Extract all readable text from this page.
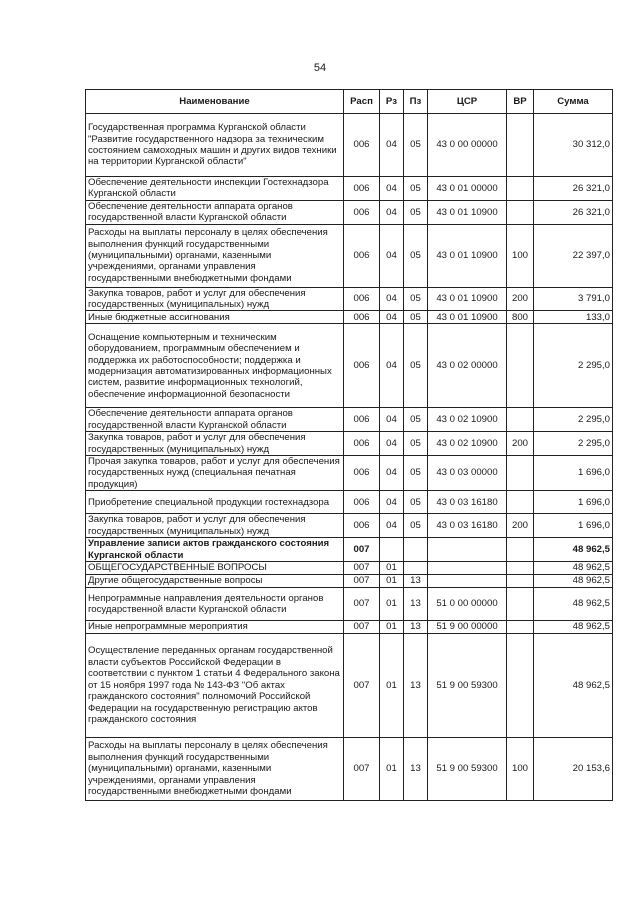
54
Наименование	Расп	Рз	Пз	ЦСР	ВР	Сумма
Государственная программа Курганской области "Развитие государственного надзора за техническим состоянием самоходных машин и других видов техники на территории Курганской области"	006	04	05	43 0 00 00000		30 312,0
Обеспечение деятельности инспекции Гостехнадзора Курганской области	006	04	05	43 0 01 00000		26 321,0
Обеспечение деятельности аппарата органов государственной власти Курганской области	006	04	05	43 0 01 10900		26 321,0
Расходы на выплаты персоналу в целях обеспечения выполнения функций государственными (муниципальными) органами, казенными учреждениями, органами управления государственными внебюджетными фондами	006	04	05	43 0 01 10900	100	22 397,0
Закупка товаров, работ и услуг для обеспечения государственных (муниципальных) нужд	006	04	05	43 0 01 10900	200	3 791,0
Иные бюджетные ассигнования	006	04	05	43 0 01 10900	800	133,0
Оснащение компьютерным и техническим оборудованием, программным обеспечением и поддержка их работоспособности; поддержка и модернизация автоматизированных информационных систем, развитие информационных технологий, обеспечение информационной безопасности	006	04	05	43 0 02 00000		2 295,0
Обеспечение деятельности аппарата органов государственной власти Курганской области	006	04	05	43 0 02 10900		2 295,0
Закупка товаров, работ и услуг для обеспечения государственных (муниципальных) нужд	006	04	05	43 0 02 10900	200	2 295,0
Прочая закупка товаров, работ и услуг для обеспечения государственных нужд (специальная печатная продукция)	006	04	05	43 0 03 00000		1 696,0
Приобретение специальной продукции гостехнадзора	006	04	05	43 0 03 16180		1 696,0
Закупка товаров, работ и услуг для обеспечения государственных (муниципальных) нужд	006	04	05	43 0 03 16180	200	1 696,0
Управление записи актов гражданского состояния Курганской области	007					48 962,5
ОБЩЕГОСУДАРСТВЕННЫЕ ВОПРОСЫ	007	01				48 962,5
Другие общегосударственные вопросы	007	01	13			48 962,5
Непрограммные направления деятельности органов государственной власти Курганской области	007	01	13	51 0 00 00000		48 962,5
Иные непрограммные мероприятия	007	01	13	51 9 00 00000		48 962,5
Осуществление переданных органам государственной власти субъектов Российской Федерации в соответствии с пунктом 1 статьи 4 Федерального закона от 15 ноября 1997 года № 143-ФЗ "Об актах гражданского состояния" полномочий Российской Федерации на государственную регистрацию актов гражданского состояния	007	01	13	51 9 00 59300		48 962,5
Расходы на выплаты персоналу в целях обеспечения выполнения функций государственными (муниципальными) органами, казенными учреждениями, органами управления государственными внебюджетными фондами	007	01	13	51 9 00 59300	100	20 153,6
